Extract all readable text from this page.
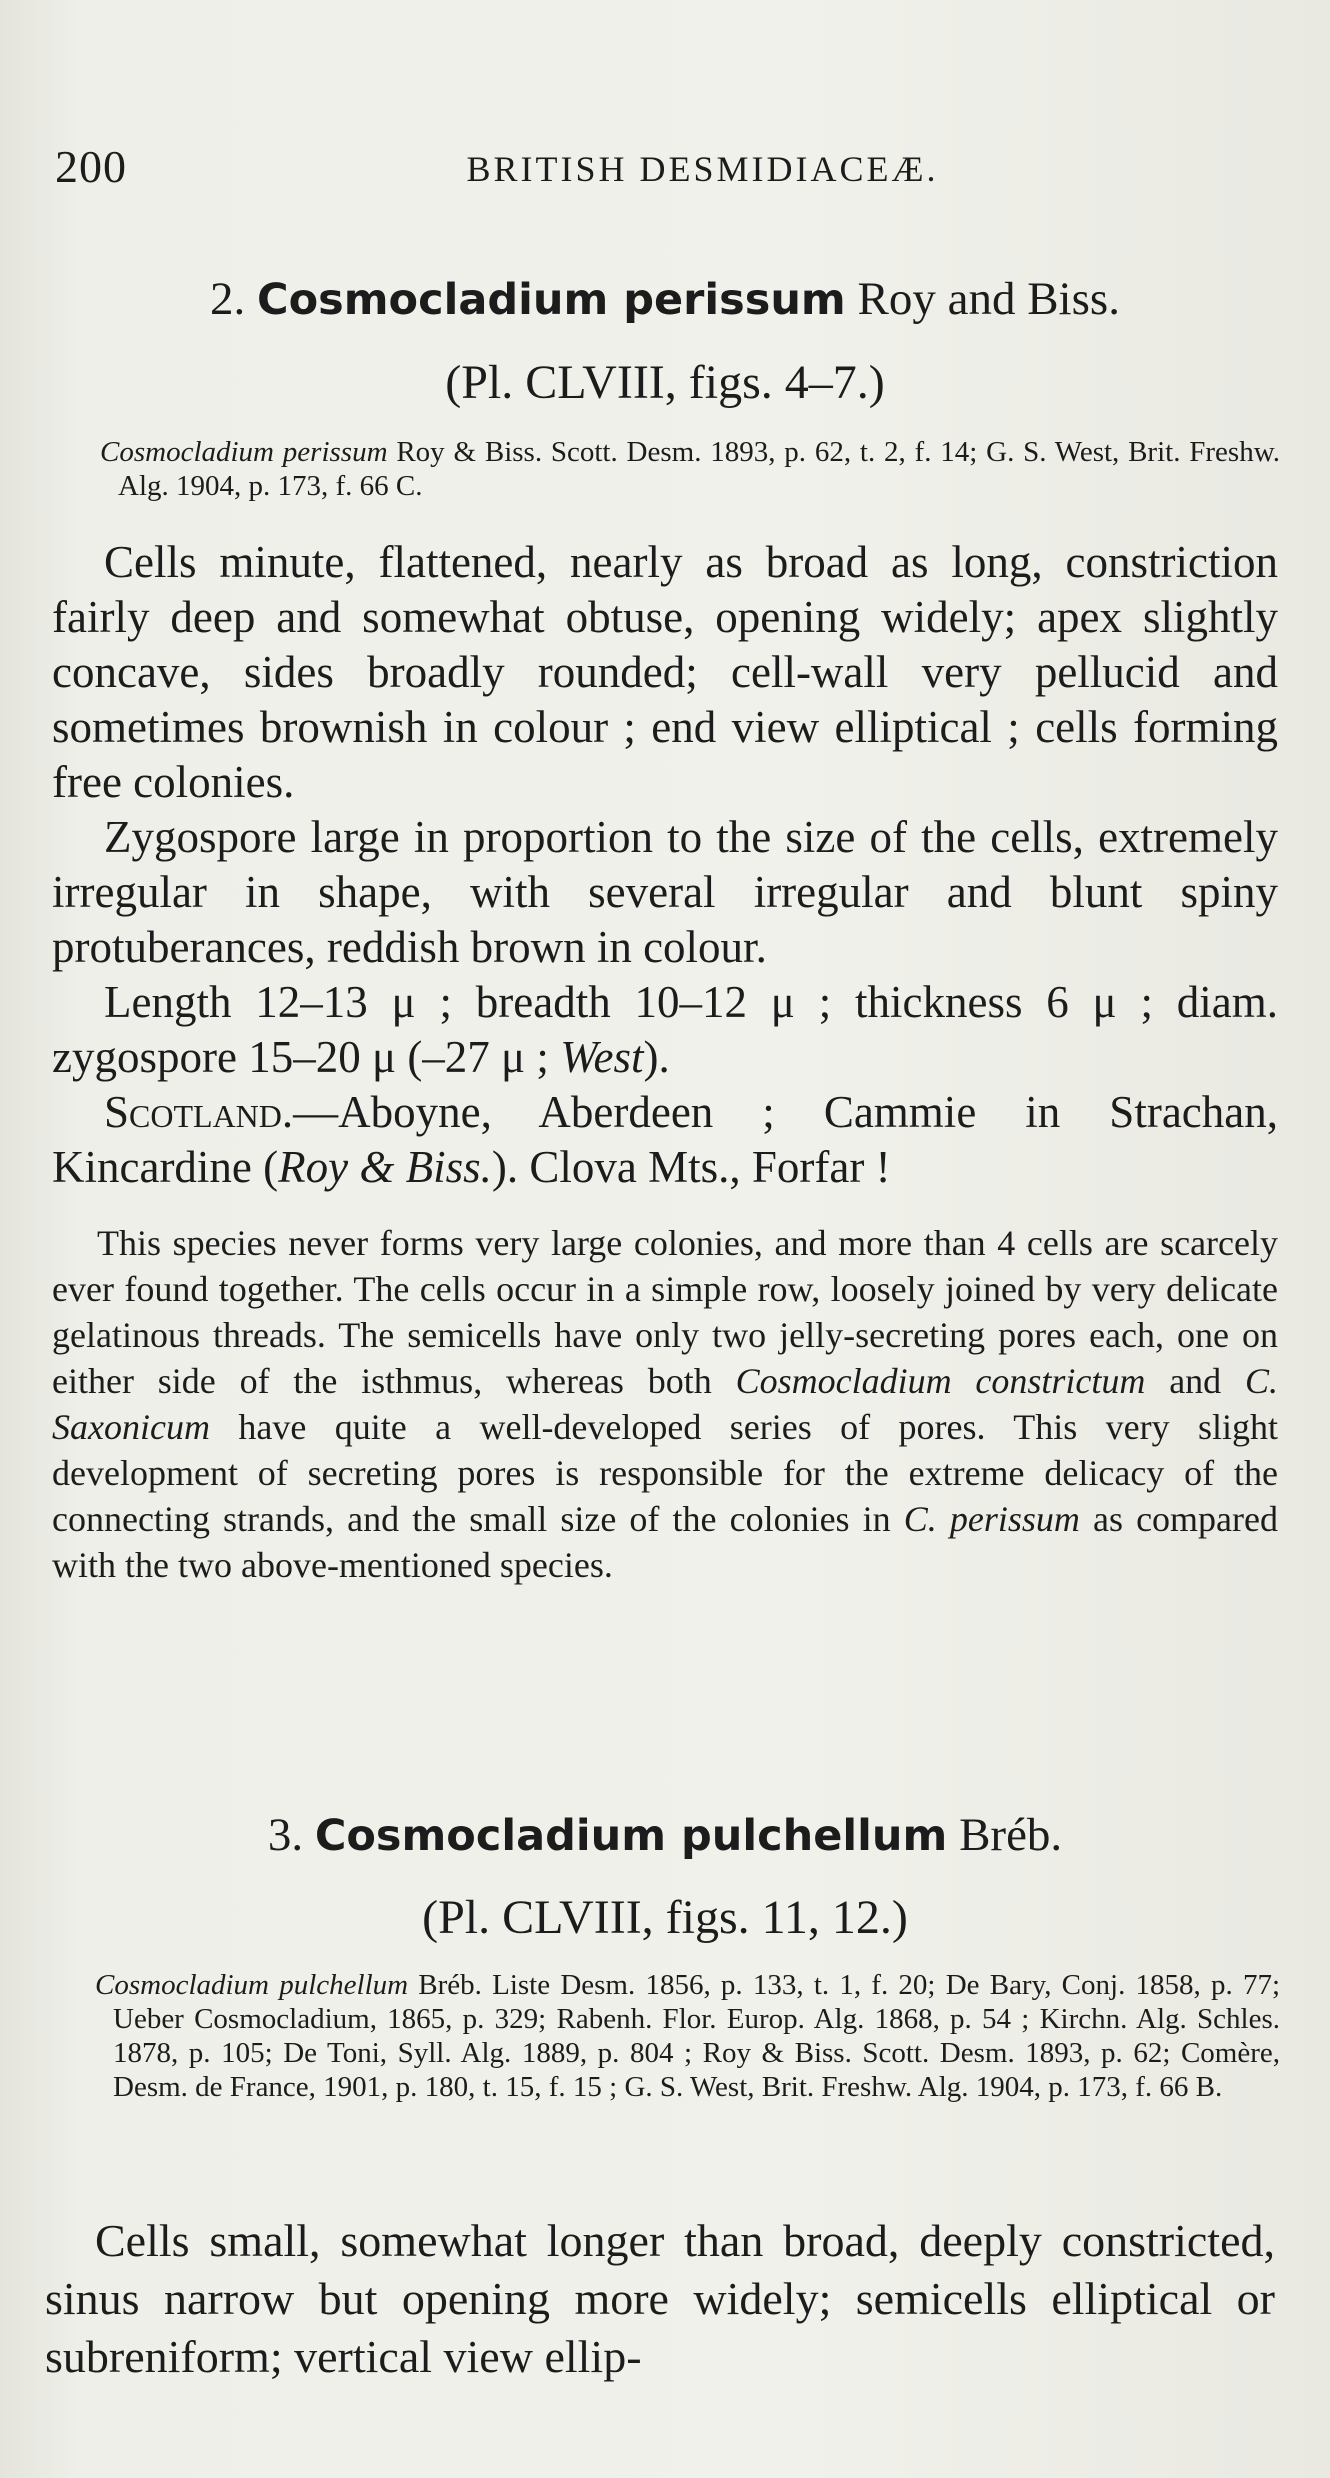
200	BRITISH DESMIDIACEÆ.
2. Cosmocladium perissum Roy and Biss.
(Pl. CLVIII, figs. 4–7.)
Cosmocladium perissum Roy & Biss. Scott. Desm. 1893, p. 62, t. 2, f. 14; G. S. West, Brit. Freshw. Alg. 1904, p. 173, f. 66 C.

Cells minute, flattened, nearly as broad as long, constriction fairly deep and somewhat obtuse, opening widely; apex slightly concave, sides broadly rounded; cell-wall very pellucid and sometimes brownish in colour ; end view elliptical ; cells forming free colonies.

Zygospore large in proportion to the size of the cells, extremely irregular in shape, with several irregular and blunt spiny protuberances, reddish brown in colour.

Length 12–13 μ ; breadth 10–12 μ ; thickness 6 μ ; diam. zygospore 15–20 μ (–27 μ ; West).

Scotland.—Aboyne, Aberdeen ; Cammie in Strachan, Kincardine (Roy & Biss.). Clova Mts., Forfar !

This species never forms very large colonies, and more than 4 cells are scarcely ever found together. The cells occur in a simple row, loosely joined by very delicate gelatinous threads. The semicells have only two jelly-secreting pores each, one on either side of the isthmus, whereas both Cosmocladium constrictum and C. Saxonicum have quite a well-developed series of pores. This very slight development of secreting pores is responsible for the extreme delicacy of the connecting strands, and the small size of the colonies in C. perissum as compared with the two above-mentioned species.

3. Cosmocladium pulchellum Bréb.
(Pl. CLVIII, figs. 11, 12.)
Cosmocladium pulchellum Bréb. Liste Desm. 1856, p. 133, t. 1, f. 20; De Bary, Conj. 1858, p. 77; Ueber Cosmocladium, 1865, p. 329; Rabenh. Flor. Europ. Alg. 1868, p. 54 ; Kirchn. Alg. Schles. 1878, p. 105; De Toni, Syll. Alg. 1889, p. 804 ; Roy & Biss. Scott. Desm. 1893, p. 62; Comère, Desm. de France, 1901, p. 180, t. 15, f. 15 ; G. S. West, Brit. Freshw. Alg. 1904, p. 173, f. 66 B.

Cells small, somewhat longer than broad, deeply constricted, sinus narrow but opening more widely; semicells elliptical or subreniform; vertical view ellip-
